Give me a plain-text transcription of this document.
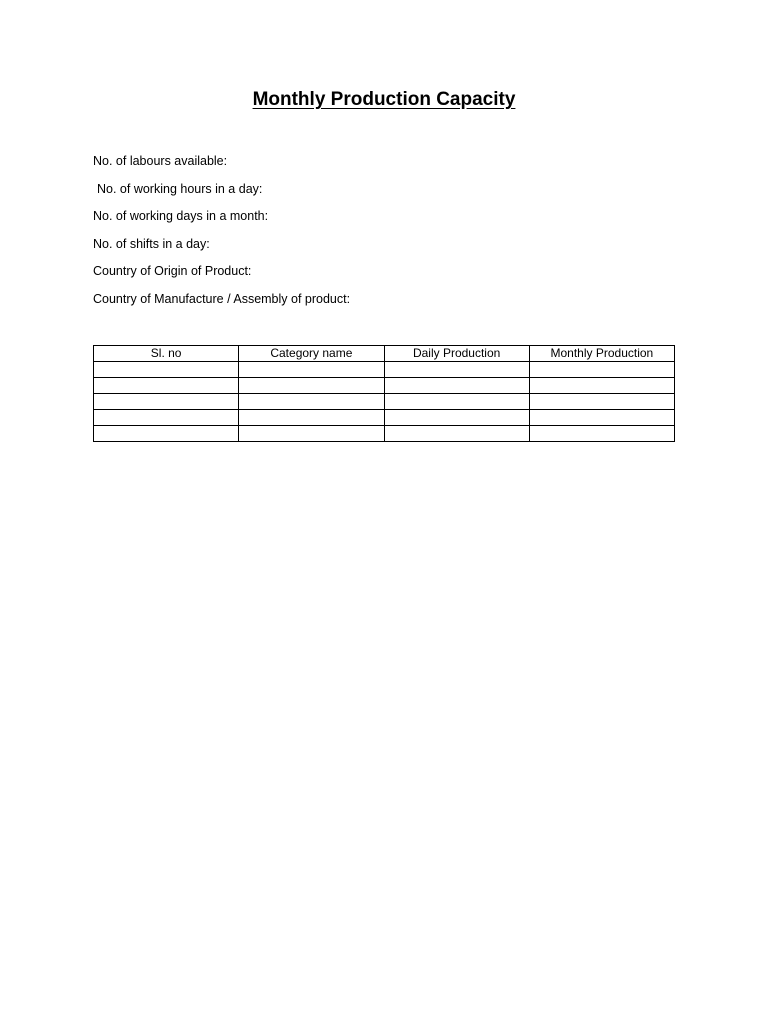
Monthly Production Capacity
No. of labours available:
No. of working hours in a day:
No. of working days in a month:
No. of shifts in a day:
Country of Origin of Product:
Country of Manufacture / Assembly of product:
Sl. no	Category name	Daily Production	Monthly Production
